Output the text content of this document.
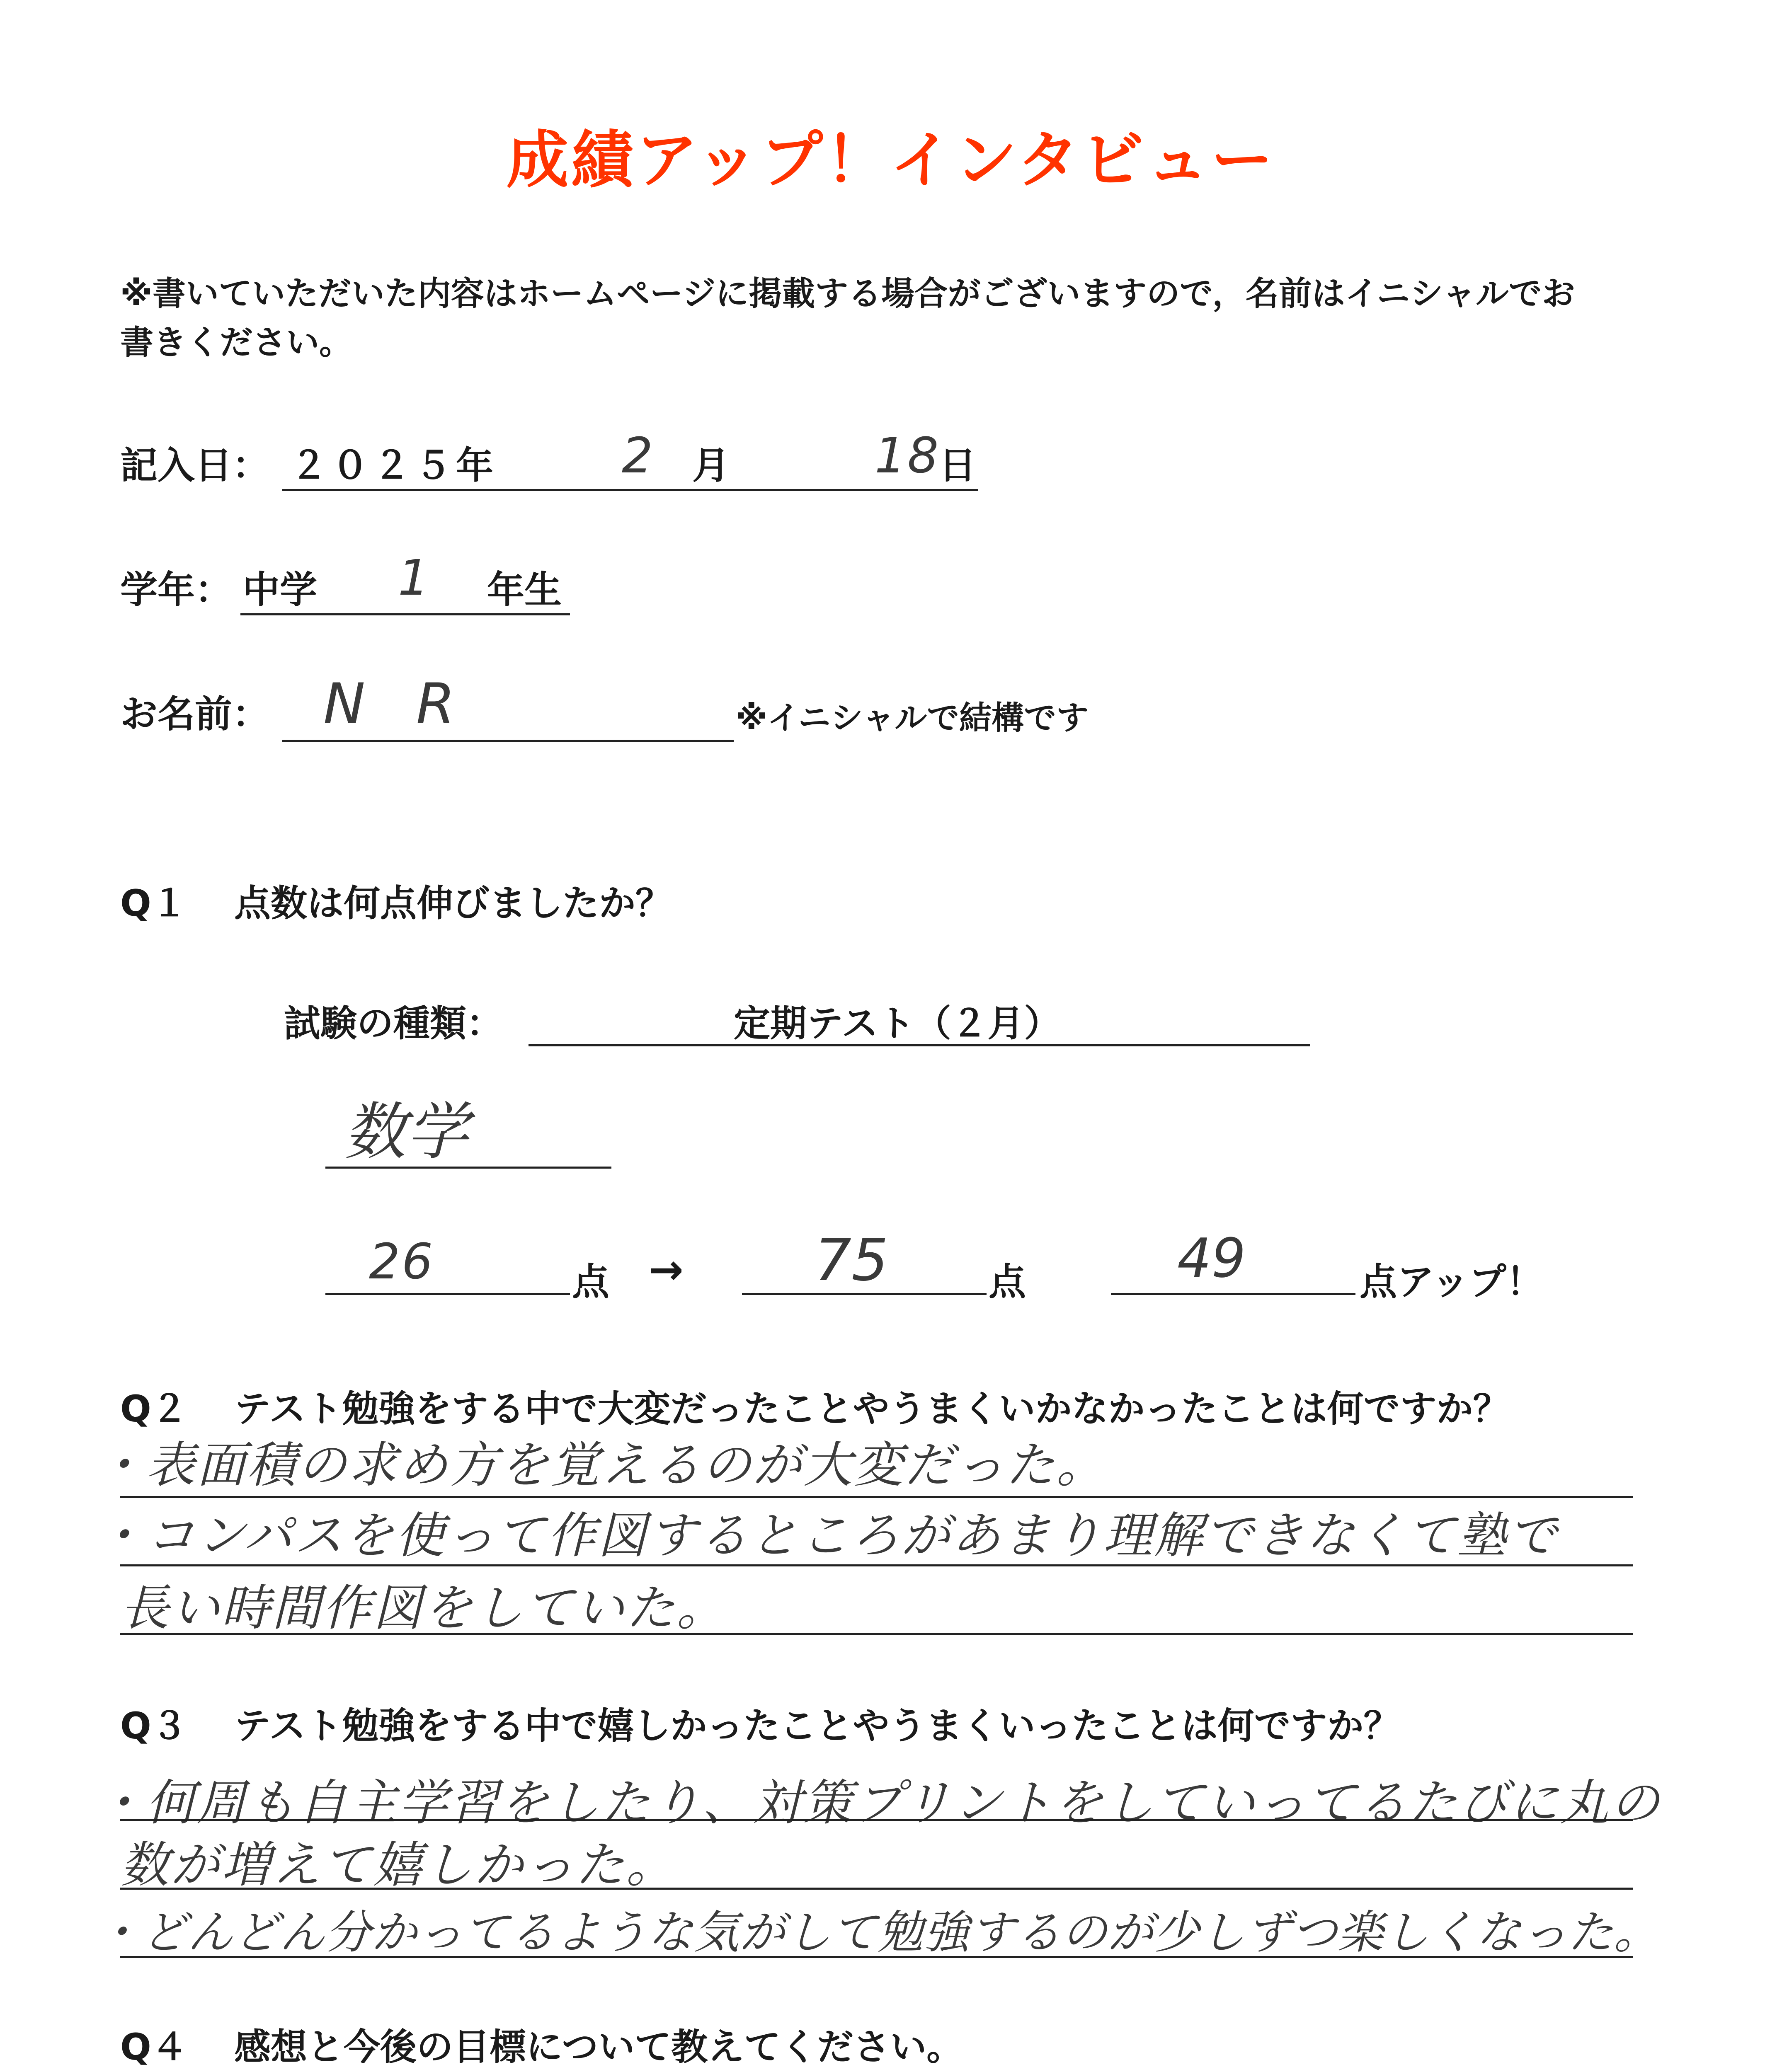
成績アップ！インタビュー
※書いていただいた内容はホームページに掲載する場合がございますので，名前はイニシャルでお
書きください。
記入日： ２０２５年	2 月	18
日
学年： 中学 1 年生
お名前： N R	※イニシャルで結構です
Q１ 点数は何点伸びましたか？
試験の種類：	定期テスト（２月）
数学
26	点 → 75	点	49	点アップ！
Q２ テスト勉強をする中で大変だったことやうまくいかなかったことは何ですか？
・表面積の求め方を覚えるのが大変だった。
・コンパスを使って作図するところがあまり理解できなくて塾で
長い時間作図をしていた。
Q３ テスト勉強をする中で嬉しかったことやうまくいったことは何ですか？
・何周も自主学習をしたり、対策プリントをしていってるたびに丸の
数が増えて嬉しかった。
・どんどん分かってるような気がして勉強するのが少しずつ楽しくなった。
Q４ 感想と今後の目標について教えてください。
